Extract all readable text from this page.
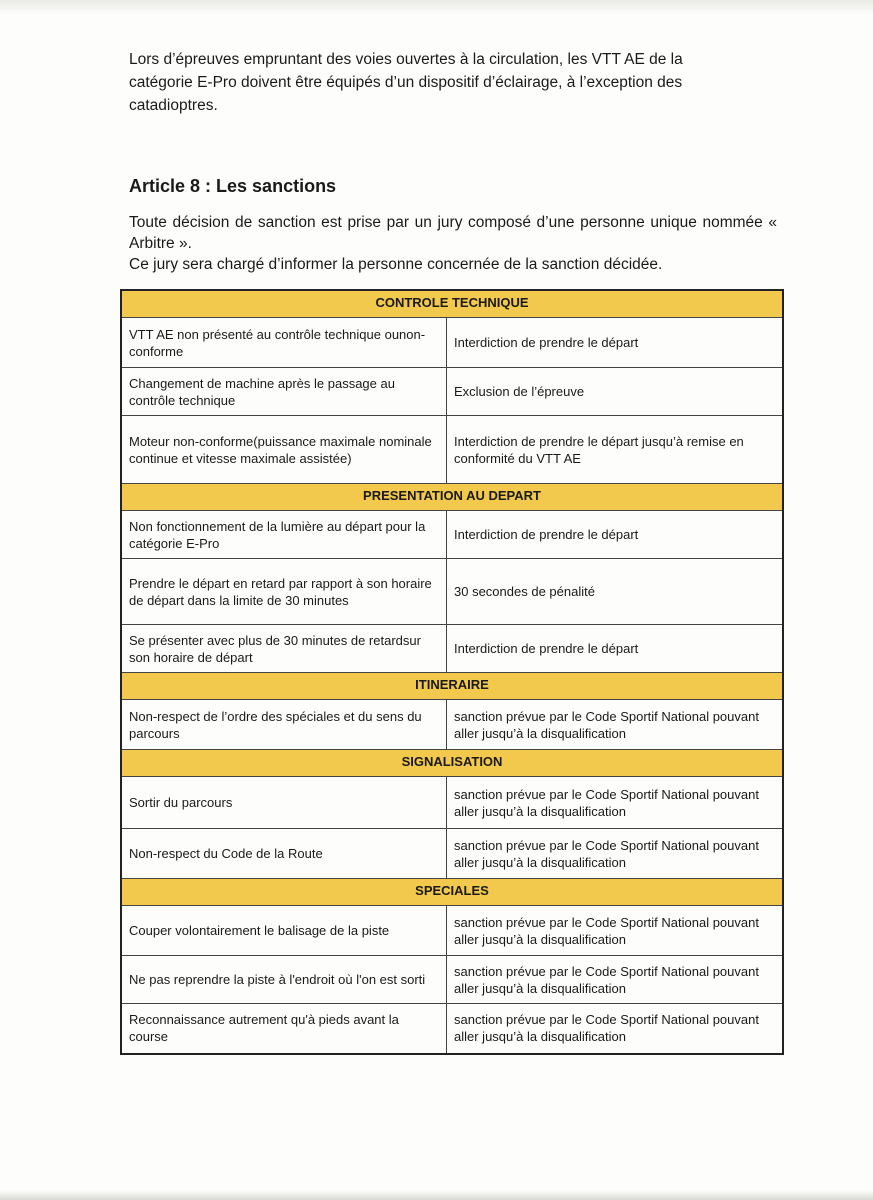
Lors d’épreuves empruntant des voies ouvertes à la circulation, les VTT AE de la catégorie E-Pro doivent être équipés d’un dispositif d’éclairage, à l’exception des catadioptres.
Article 8 : Les sanctions

Toute décision de sanction est prise par un jury composé d’une personne unique nommée « Arbitre ».

Ce jury sera chargé d’informer la personne concernée de la sanction décidée.

CONTROLE TECHNIQUE	
VTT AE non présenté au contrôle technique ounon-conforme	Interdiction de prendre le départ
Changement de machine après le passage au contrôle technique	Exclusion de l’épreuve
Moteur non-conforme(puissance maximale nominale continue et vitesse maximale assistée)	Interdiction de prendre le départ jusqu’à remise en conformité du VTT AE
PRESENTATION AU DEPART	
Non fonctionnement de la lumière au départ pour la catégorie E-Pro	Interdiction de prendre le départ
Prendre le départ en retard par rapport à son horaire de départ dans la limite de 30 minutes	30 secondes de pénalité
Se présenter avec plus de 30 minutes de retardsur son horaire de départ	Interdiction de prendre le départ
ITINERAIRE	
Non-respect de l’ordre des spéciales et du sens du parcours	sanction prévue par le Code Sportif National pouvant aller jusqu’à la disqualification
SIGNALISATION	
Sortir du parcours	sanction prévue par le Code Sportif National pouvant aller jusqu’à la disqualification
Non-respect du Code de la Route	sanction prévue par le Code Sportif National pouvant aller jusqu’à la disqualification
SPECIALES	
Couper volontairement le balisage de la piste	sanction prévue par le Code Sportif National pouvant aller jusqu’à la disqualification
Ne pas reprendre la piste à l'endroit où l'on est sorti	sanction prévue par le Code Sportif National pouvant aller jusqu’à la disqualification
Reconnaissance autrement qu'à pieds avant la course	sanction prévue par le Code Sportif National pouvant aller jusqu’à la disqualification
